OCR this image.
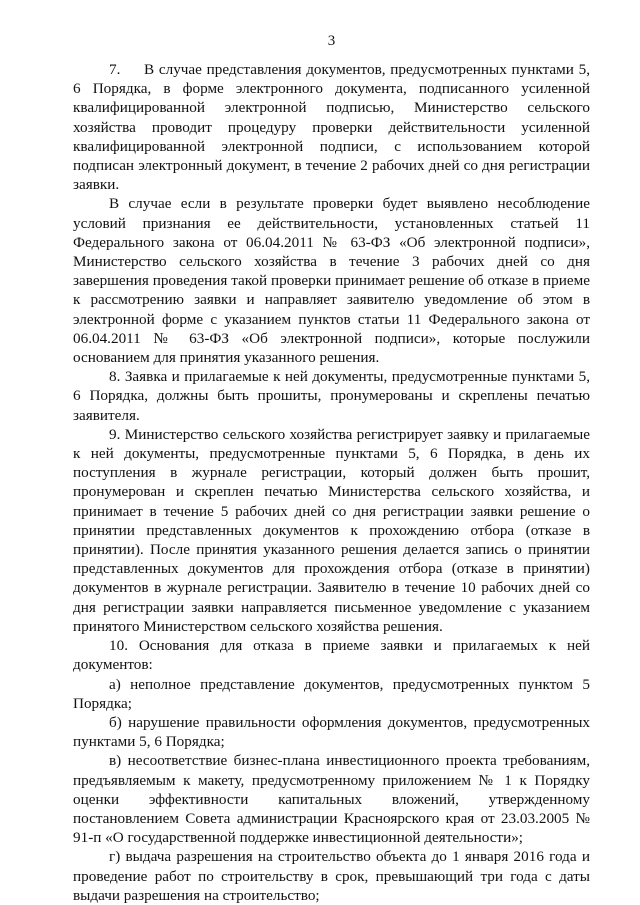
3

7.     В случае представления документов, предусмотренных пунктами 5, 6 Порядка, в форме электронного документа, подписанного усиленной квалифицированной электронной подписью, Министерство сельского хозяйства проводит процедуру проверки действительности усиленной квалифицированной электронной подписи, с использованием которой подписан электронный документ, в течение 2 рабочих дней со дня регистрации заявки.

В случае если в результате проверки будет выявлено несоблюдение условий признания ее действительности, установленных статьей 11 Федерального закона от 06.04.2011 № 63-ФЗ «Об электронной подписи», Министерство сельского хозяйства в течение 3 рабочих дней со дня завершения проведения такой проверки принимает решение об отказе в приеме к рассмотрению заявки и направляет заявителю уведомление об этом в электронной форме с указанием пунктов статьи 11 Федерального закона от 06.04.2011 № 63-ФЗ «Об электронной подписи», которые послужили основанием для принятия указанного решения.

8. Заявка и прилагаемые к ней документы, предусмотренные пунктами 5, 6 Порядка, должны быть прошиты, пронумерованы и скреплены печатью заявителя.

9. Министерство сельского хозяйства регистрирует заявку и прилагаемые к ней документы, предусмотренные пунктами 5, 6 Порядка, в день их поступления в журнале регистрации, который должен быть прошит, пронумерован и скреплен печатью Министерства сельского хозяйства, и принимает в течение 5 рабочих дней со дня регистрации заявки решение о принятии представленных документов к прохождению отбора (отказе в принятии). После принятия указанного решения делается запись о принятии представленных документов для прохождения отбора (отказе в принятии) документов в журнале регистрации. Заявителю в течение 10 рабочих дней со дня регистрации заявки направляется письменное уведомление с указанием принятого Министерством сельского хозяйства решения.

10. Основания для отказа в приеме заявки и прилагаемых к ней документов:

а) неполное представление документов, предусмотренных пунктом 5 Порядка;

б) нарушение правильности оформления документов, предусмотренных пунктами 5, 6 Порядка;

в) несоответствие бизнес-плана инвестиционного проекта требованиям, предъявляемым к макету, предусмотренному приложением № 1 к Порядку оценки эффективности капитальных вложений, утвержденному постановлением Совета администрации Красноярского края от 23.03.2005 № 91-п «О государственной поддержке инвестиционной деятельности»;

г) выдача разрешения на строительство объекта до 1 января 2016 года и проведение работ по строительству в срок, превышающий три года с даты выдачи разрешения на строительство;
